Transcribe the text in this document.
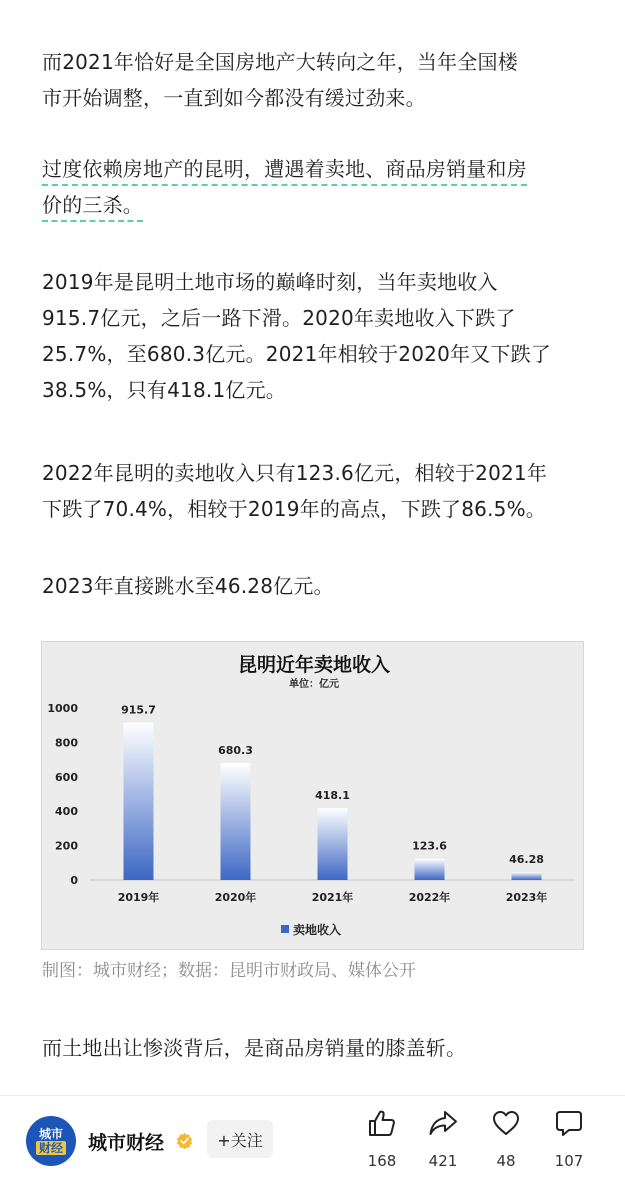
而2021年恰好是全国房地产大转向之年，当年全国楼
市开始调整，一直到如今都没有缓过劲来。
过度依赖房地产的昆明，遭遇着卖地、商品房销量和房
价的三杀。
2019年是昆明土地市场的巅峰时刻，当年卖地收入
915.7亿元，之后一路下滑。2020年卖地收入下跌了
25.7%，至680.3亿元。2021年相较于2020年又下跌了
38.5%，只有418.1亿元。
2022年昆明的卖地收入只有123.6亿元，相较于2021年
下跌了70.4%，相较于2019年的高点，下跌了86.5%。
2023年直接跳水至46.28亿元。
昆明近年卖地收入
单位：亿元
0
200
400
600
800
1000	915.7
680.3
418.1
123.6
46.28
2019年	2020年	2021年	2022年	2023年
卖地收入
制图：城市财经；数据：昆明市财政局、媒体公开
而土地出让惨淡背后，是商品房销量的膝盖斩。
城市
财经 城市财经	+关注
168	421	48	107
